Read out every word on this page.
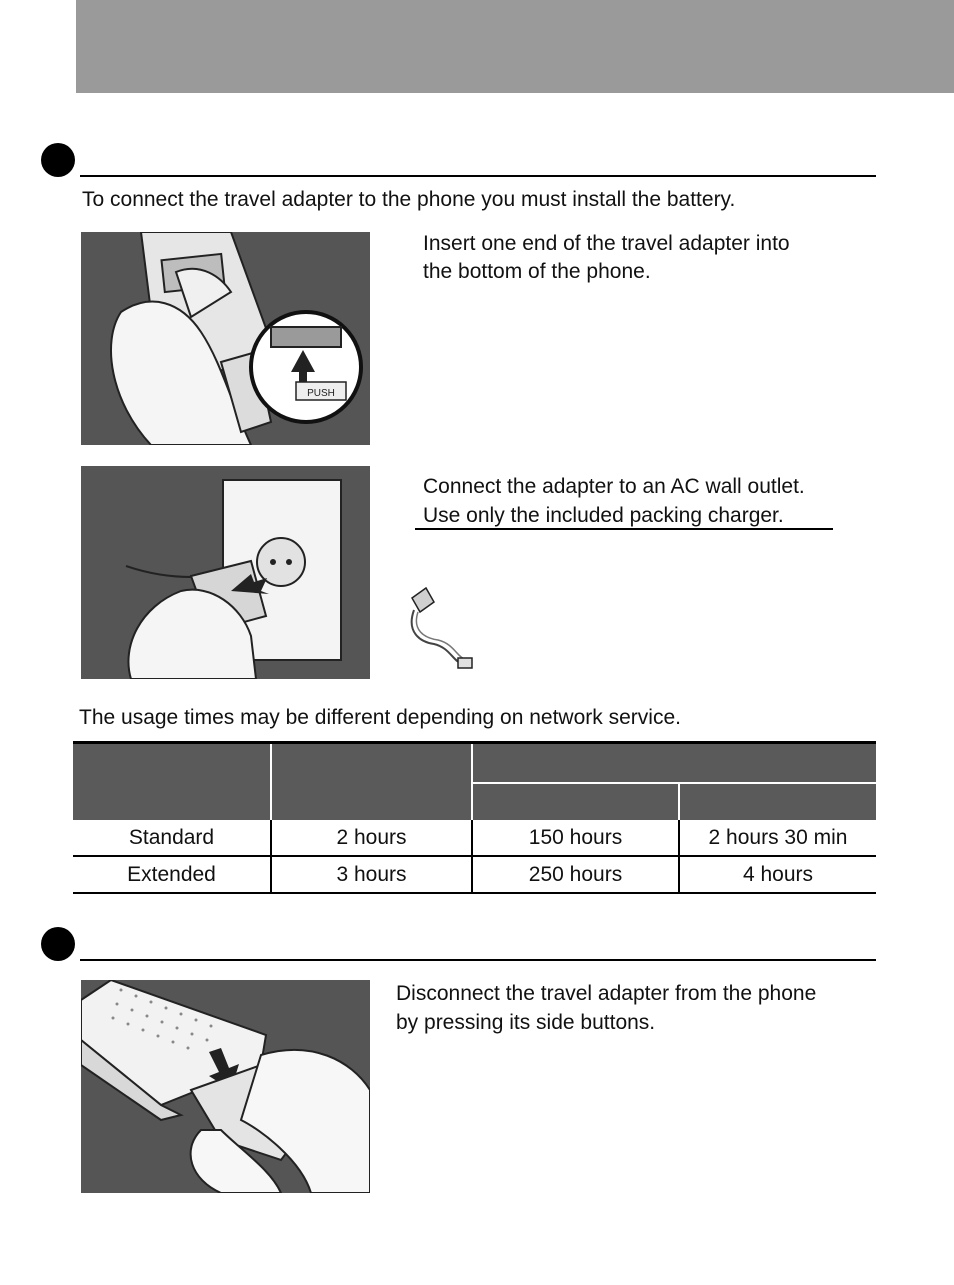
To connect the travel adapter to the phone you must install the battery.
PUSH
Insert one end of the travel adapter into
the bottom of the phone.
Connect the adapter to an AC wall outlet.
Use only the included packing charger.
The usage times may be different depending on network service.

Standard	2 hours	150 hours	2 hours 30 min
Extended	3 hours	250 hours	4 hours
Disconnect the travel adapter from the phone
by pressing its side buttons.
